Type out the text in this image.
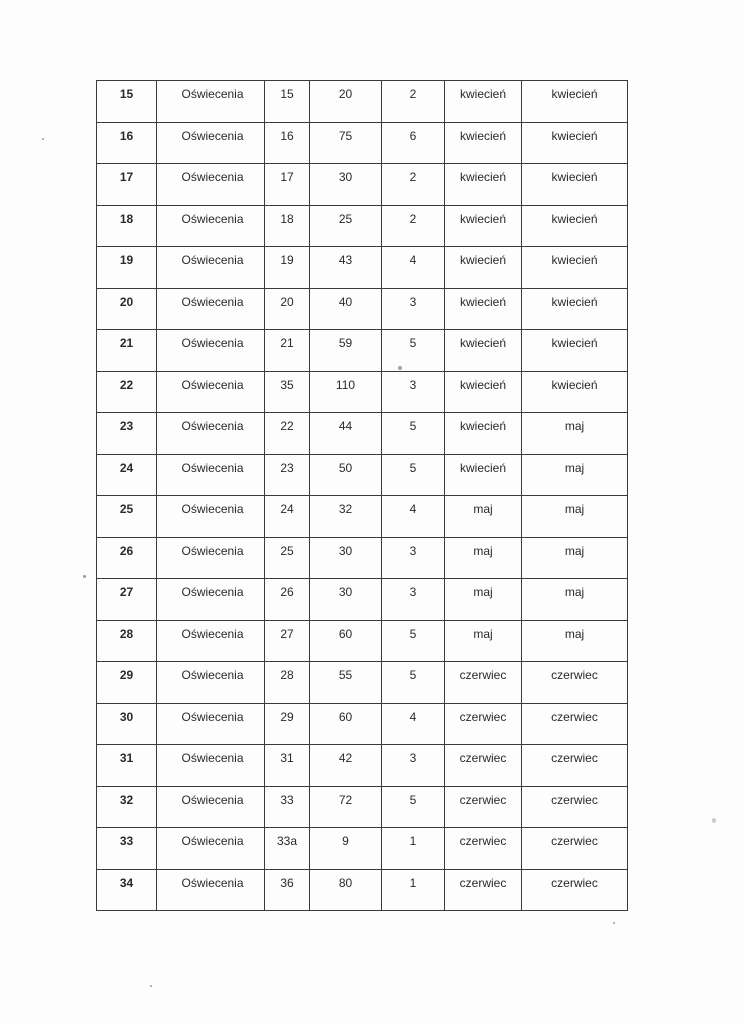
15	Oświecenia	15	20	2	kwiecień	kwiecień

16	Oświecenia	16	75	6	kwiecień	kwiecień

17	Oświecenia	17	30	2	kwiecień	kwiecień

18	Oświecenia	18	25	2	kwiecień	kwiecień

19	Oświecenia	19	43	4	kwiecień	kwiecień

20	Oświecenia	20	40	3	kwiecień	kwiecień

21	Oświecenia	21	59	5	kwiecień	kwiecień

22	Oświecenia	35	110	3	kwiecień	kwiecień

23	Oświecenia	22	44	5	kwiecień	maj

24	Oświecenia	23	50	5	kwiecień	maj

25	Oświecenia	24	32	4	maj	maj

26	Oświecenia	25	30	3	maj	maj

27	Oświecenia	26	30	3	maj	maj

28	Oświecenia	27	60	5	maj	maj

29	Oświecenia	28	55	5	czerwiec	czerwiec

30	Oświecenia	29	60	4	czerwiec	czerwiec

31	Oświecenia	31	42	3	czerwiec	czerwiec

32	Oświecenia	33	72	5	czerwiec	czerwiec

33	Oświecenia	33a	9	1	czerwiec	czerwiec

34	Oświecenia	36	80	1	czerwiec	czerwiec
